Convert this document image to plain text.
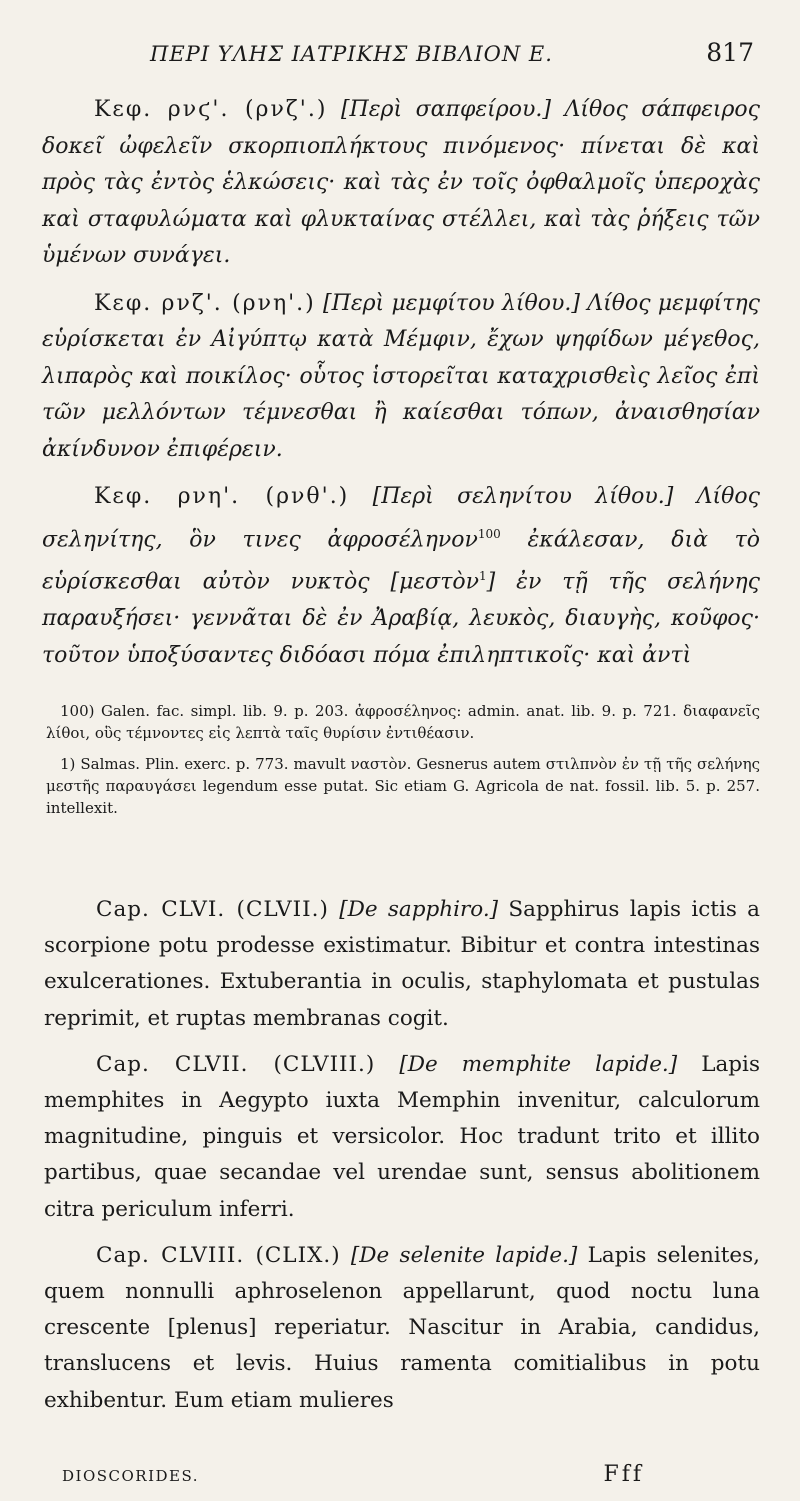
ΠΕΡΙ ΥΛΗΣ ΙΑΤΡΙΚΗΣ ΒΙΒΛΙΟΝ Ε.	817

Κεφ. ρνϛ'. (ρνζ'.) [Περὶ σαπφείρου.] Λίθος σάπφειρος δοκεῖ ὠφελεῖν σκορπιοπλήκτους πινόμενος· πίνεται δὲ καὶ πρὸς τὰς ἐντὸς ἑλκώσεις· καὶ τὰς ἐν τοῖς ὀφθαλμοῖς ὑπεροχὰς καὶ σταφυλώματα καὶ φλυκταίνας στέλλει, καὶ τὰς ῥήξεις τῶν ὑμένων συνάγει.

Κεφ. ρνζ'. (ρνη'.) [Περὶ μεμφίτου λίθου.] Λίθος μεμφίτης εὑρίσκεται ἐν Αἰγύπτῳ κατὰ Μέμφιν, ἔχων ψηφίδων μέγεθος, λιπαρὸς καὶ ποικίλος· οὗτος ἱστορεῖται καταχρισθεὶς λεῖος ἐπὶ τῶν μελλόντων τέμνεσθαι ἢ καίεσθαι τόπων, ἀναισθησίαν ἀκίνδυνον ἐπιφέρειν.

Κεφ. ρνη'. (ρνθ'.) [Περὶ σεληνίτου λίθου.] Λίθος σεληνίτης, ὃν τινες ἀφροσέληνον$^{100}$ ἐκάλεσαν, διὰ τὸ εὑρίσκεσθαι αὐτὸν νυκτὸς [μεστὸν$^1$] ἐν τῇ τῆς σελήνης παραυξήσει· γεννᾶται δὲ ἐν Ἀραβίᾳ, λευκὸς, διαυγὴς, κοῦφος· τοῦτον ὑποξύσαντες διδόασι πόμα ἐπιληπτικοῖς· καὶ ἀντὶ

100) Galen. fac. simpl. lib. 9. p. 203. ἀφροσέληνος: admin. anat. lib. 9. p. 721. διαφανεῖς λίθοι, οὓς τέμνοντες εἰς λεπτὰ ταῖς θυρίσιν ἐντιθέασιν.

1) Salmas. Plin. exerc. p. 773. mavult ναστὸν. Gesnerus autem στιλπνὸν ἐν τῇ τῆς σελήνης μεστῆς παραυγάσει legendum esse putat. Sic etiam G. Agricola de nat. fossil. lib. 5. p. 257. intellexit.

Cap. CLVI. (CLVII.) [De sapphiro.] Sapphirus lapis ictis a scorpione potu prodesse existimatur. Bibitur et contra intestinas exulcerationes. Extuberantia in oculis, staphylomata et pustulas reprimit, et ruptas membranas cogit.

Cap. CLVII. (CLVIII.) [De memphite lapide.] Lapis memphites in Aegypto iuxta Memphin invenitur, calculorum magnitudine, pinguis et versicolor. Hoc tradunt trito et illito partibus, quae secandae vel urendae sunt, sensus abolitionem citra periculum inferri.

Cap. CLVIII. (CLIX.) [De selenite lapide.] Lapis selenites, quem nonnulli aphroselenon appellarunt, quod noctu luna crescente [plenus] reperiatur. Nascitur in Arabia, candidus, translucens et levis. Huius ramenta comitialibus in potu exhibentur. Eum etiam mulieres

DIOSCORIDES.	Fff
